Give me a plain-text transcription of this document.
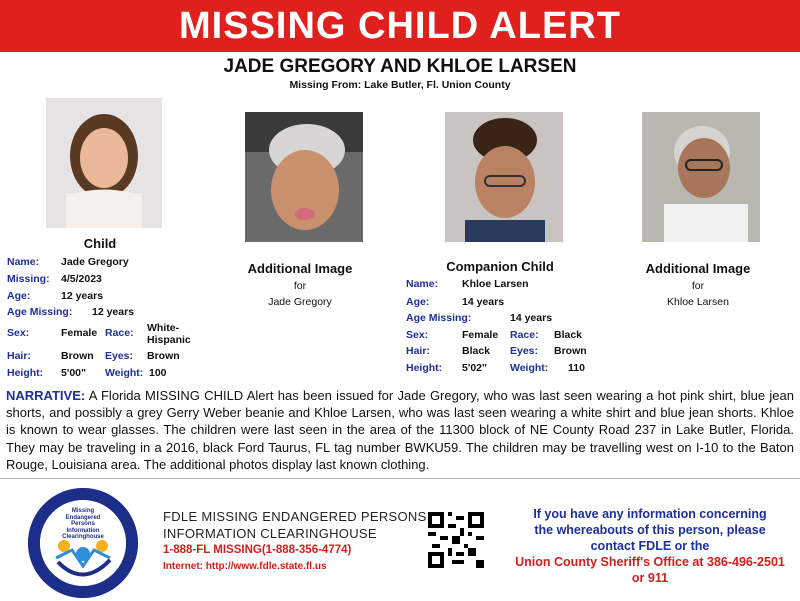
MISSING CHILD ALERT
JADE GREGORY AND KHLOE LARSEN
Missing From: Lake Butler, Fl. Union County
Child
Name: Jade Gregory
Missing: 4/5/2023
Age:	12 years
Age Missing: 12 years
Sex:	Female Race: White-Hispanic
Hair:	Brown Eyes: Brown
Height: 5'00" Weight: 100
Additional Image
for
Jade Gregory
Companion Child
Name: Khloe Larsen
Age:	14 years
Age Missing:	14 years
Sex:	Female Race: Black
Hair:	Black Eyes: Brown
Height: 5'02" Weight: 110
Additional Image
for
Khloe Larsen
NARRATIVE: A Florida MISSING CHILD Alert has been issued for Jade Gregory, who was last seen wearing a hot pink shirt, blue jean shorts, and possibly a grey Gerry Weber beanie and Khloe Larsen, who was last seen wearing a white shirt and blue jean shorts. Khloe is known to wear glasses. The children were last seen in the area of the 11300 block of NE County Road 237 in Lake Butler, Florida. They may be traveling in a 2016, black Ford Taurus, FL tag number BWKU59. The children may be travelling west on I-10 to the Baton Rouge, Louisiana area. The additional photos display last known clothing.
Missing
Endangered
Persons
Information
Clearinghouse
FDLE MISSING ENDANGERED PERSONS
INFORMATION CLEARINGHOUSE
1-888-FL MISSING(1-888-356-4774)
Internet: http://www.fdle.state.fl.us
If you have any information concerning
the whereabouts of this person, please
contact FDLE or the
Union County Sheriff's Office at 386-496-2501
or 911
